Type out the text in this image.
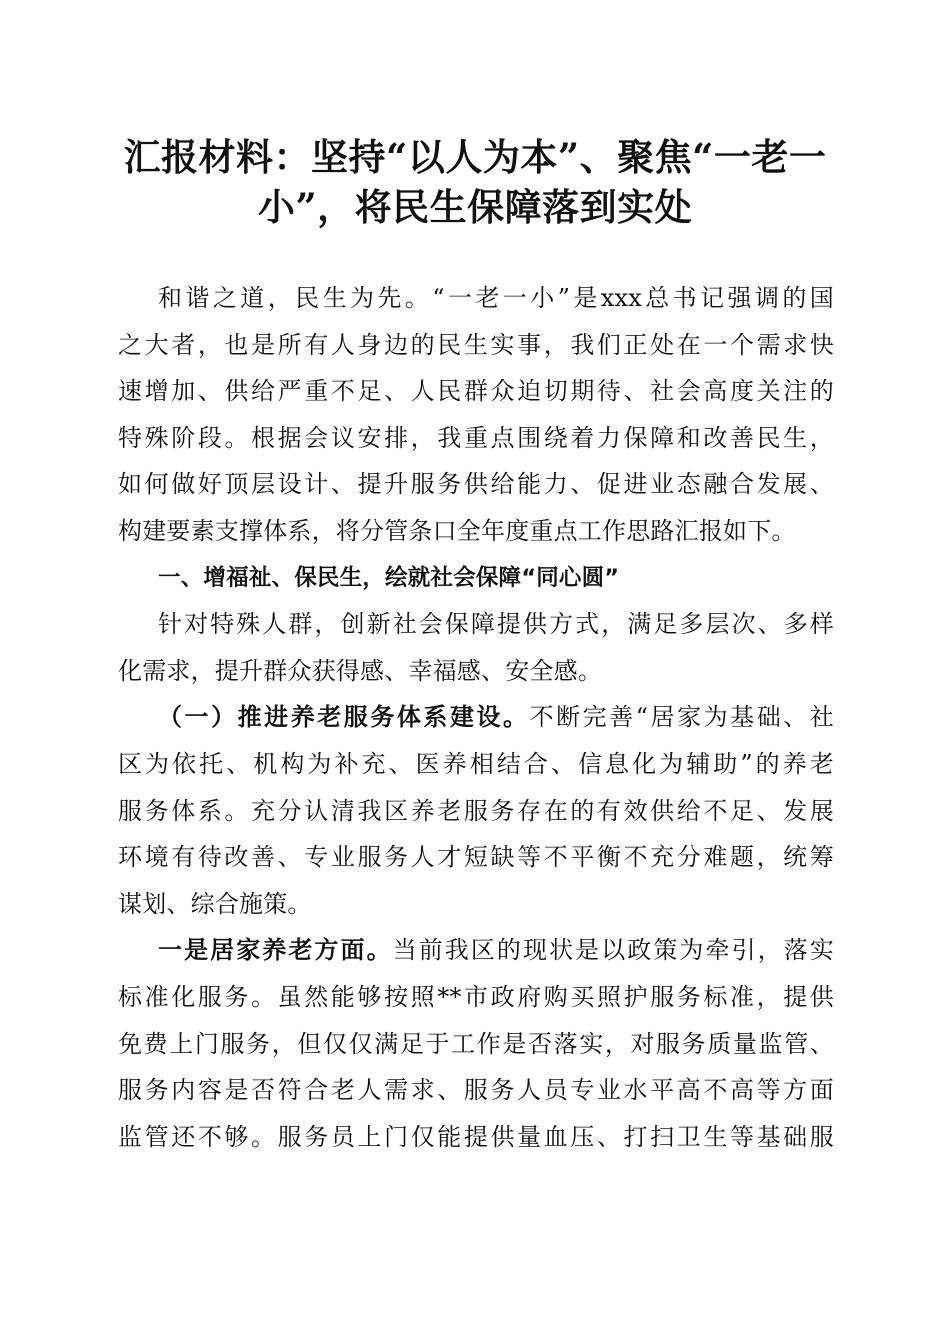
汇报材料：坚持“以人为本”、聚焦“一老一
小”，将民生保障落到实处
和谐之道，民生为先。“一老一小”是xxx总书记强调的国
之大者，也是所有人身边的民生实事，我们正处在一个需求快
速增加、供给严重不足、人民群众迫切期待、社会高度关注的
特殊阶段。根据会议安排，我重点围绕着力保障和改善民生，
如何做好顶层设计、提升服务供给能力、促进业态融合发展、
构建要素支撑体系，将分管条口全年度重点工作思路汇报如下。
一、增福祉、保民生，绘就社会保障“同心圆”
针对特殊人群，创新社会保障提供方式，满足多层次、多样
化需求，提升群众获得感、幸福感、安全感。
（一）推进养老服务体系建设。不断完善“居家为基础、社
区为依托、机构为补充、医养相结合、信息化为辅助”的养老
服务体系。充分认清我区养老服务存在的有效供给不足、发展
环境有待改善、专业服务人才短缺等不平衡不充分难题，统筹
谋划、综合施策。
一是居家养老方面。当前我区的现状是以政策为牵引，落实
标准化服务。虽然能够按照**市政府购买照护服务标准，提供
免费上门服务，但仅仅满足于工作是否落实，对服务质量监管、
服务内容是否符合老人需求、服务人员专业水平高不高等方面
监管还不够。服务员上门仅能提供量血压、打扫卫生等基础服
